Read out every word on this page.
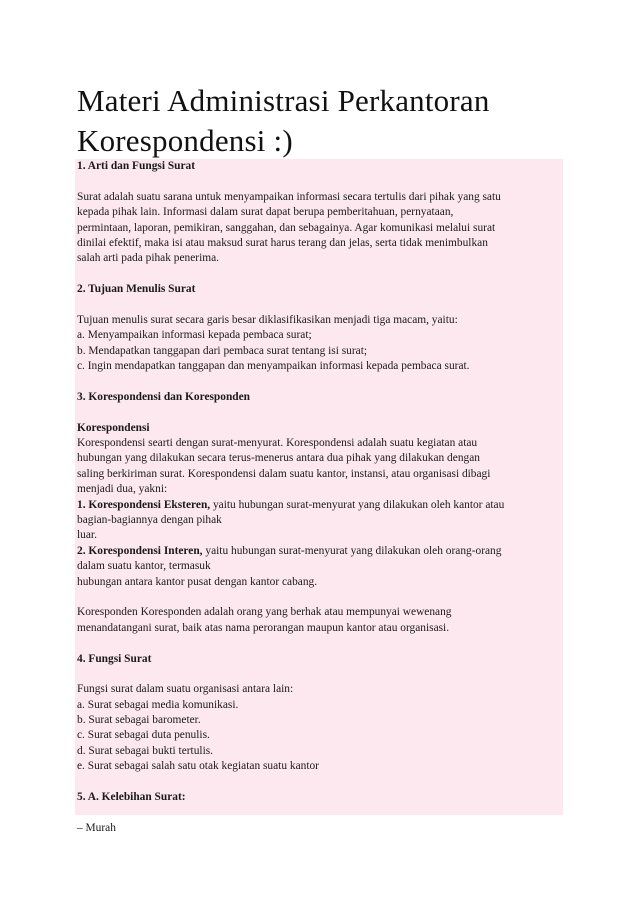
Materi Administrasi Perkantoran
Korespondensi :)
1. Arti dan Fungsi Surat
Surat adalah suatu sarana untuk menyampaikan informasi secara tertulis dari pihak yang satu
kepada pihak lain. Informasi dalam surat dapat berupa pemberitahuan, pernyataan,
permintaan, laporan, pemikiran, sanggahan, dan sebagainya. Agar komunikasi melalui surat
dinilai efektif, maka isi atau maksud surat harus terang dan jelas, serta tidak menimbulkan
salah arti pada pihak penerima.
2. Tujuan Menulis Surat
Tujuan menulis surat secara garis besar diklasifikasikan menjadi tiga macam, yaitu:
a. Menyampaikan informasi kepada pembaca surat;
b. Mendapatkan tanggapan dari pembaca surat tentang isi surat;
c. Ingin mendapatkan tanggapan dan menyampaikan informasi kepada pembaca surat.
3. Korespondensi dan Koresponden
Korespondensi
Korespondensi searti dengan surat-menyurat. Korespondensi adalah suatu kegiatan atau
hubungan yang dilakukan secara terus-menerus antara dua pihak yang dilakukan dengan
saling berkiriman surat. Korespondensi dalam suatu kantor, instansi, atau organisasi dibagi
menjadi dua, yakni:
1. Korespondensi Eksteren, yaitu hubungan surat-menyurat yang dilakukan oleh kantor atau
bagian-bagiannya dengan pihak
luar.
2. Korespondensi Interen, yaitu hubungan surat-menyurat yang dilakukan oleh orang-orang
dalam suatu kantor, termasuk
hubungan antara kantor pusat dengan kantor cabang.
Koresponden Koresponden adalah orang yang berhak atau mempunyai wewenang
menandatangani surat, baik atas nama perorangan maupun kantor atau organisasi.
4. Fungsi Surat
Fungsi surat dalam suatu organisasi antara lain:
a. Surat sebagai media komunikasi.
b. Surat sebagai barometer.
c. Surat sebagai duta penulis.
d. Surat sebagai bukti tertulis.
e. Surat sebagai salah satu otak kegiatan suatu kantor
5. A. Kelebihan Surat:
– Murah
